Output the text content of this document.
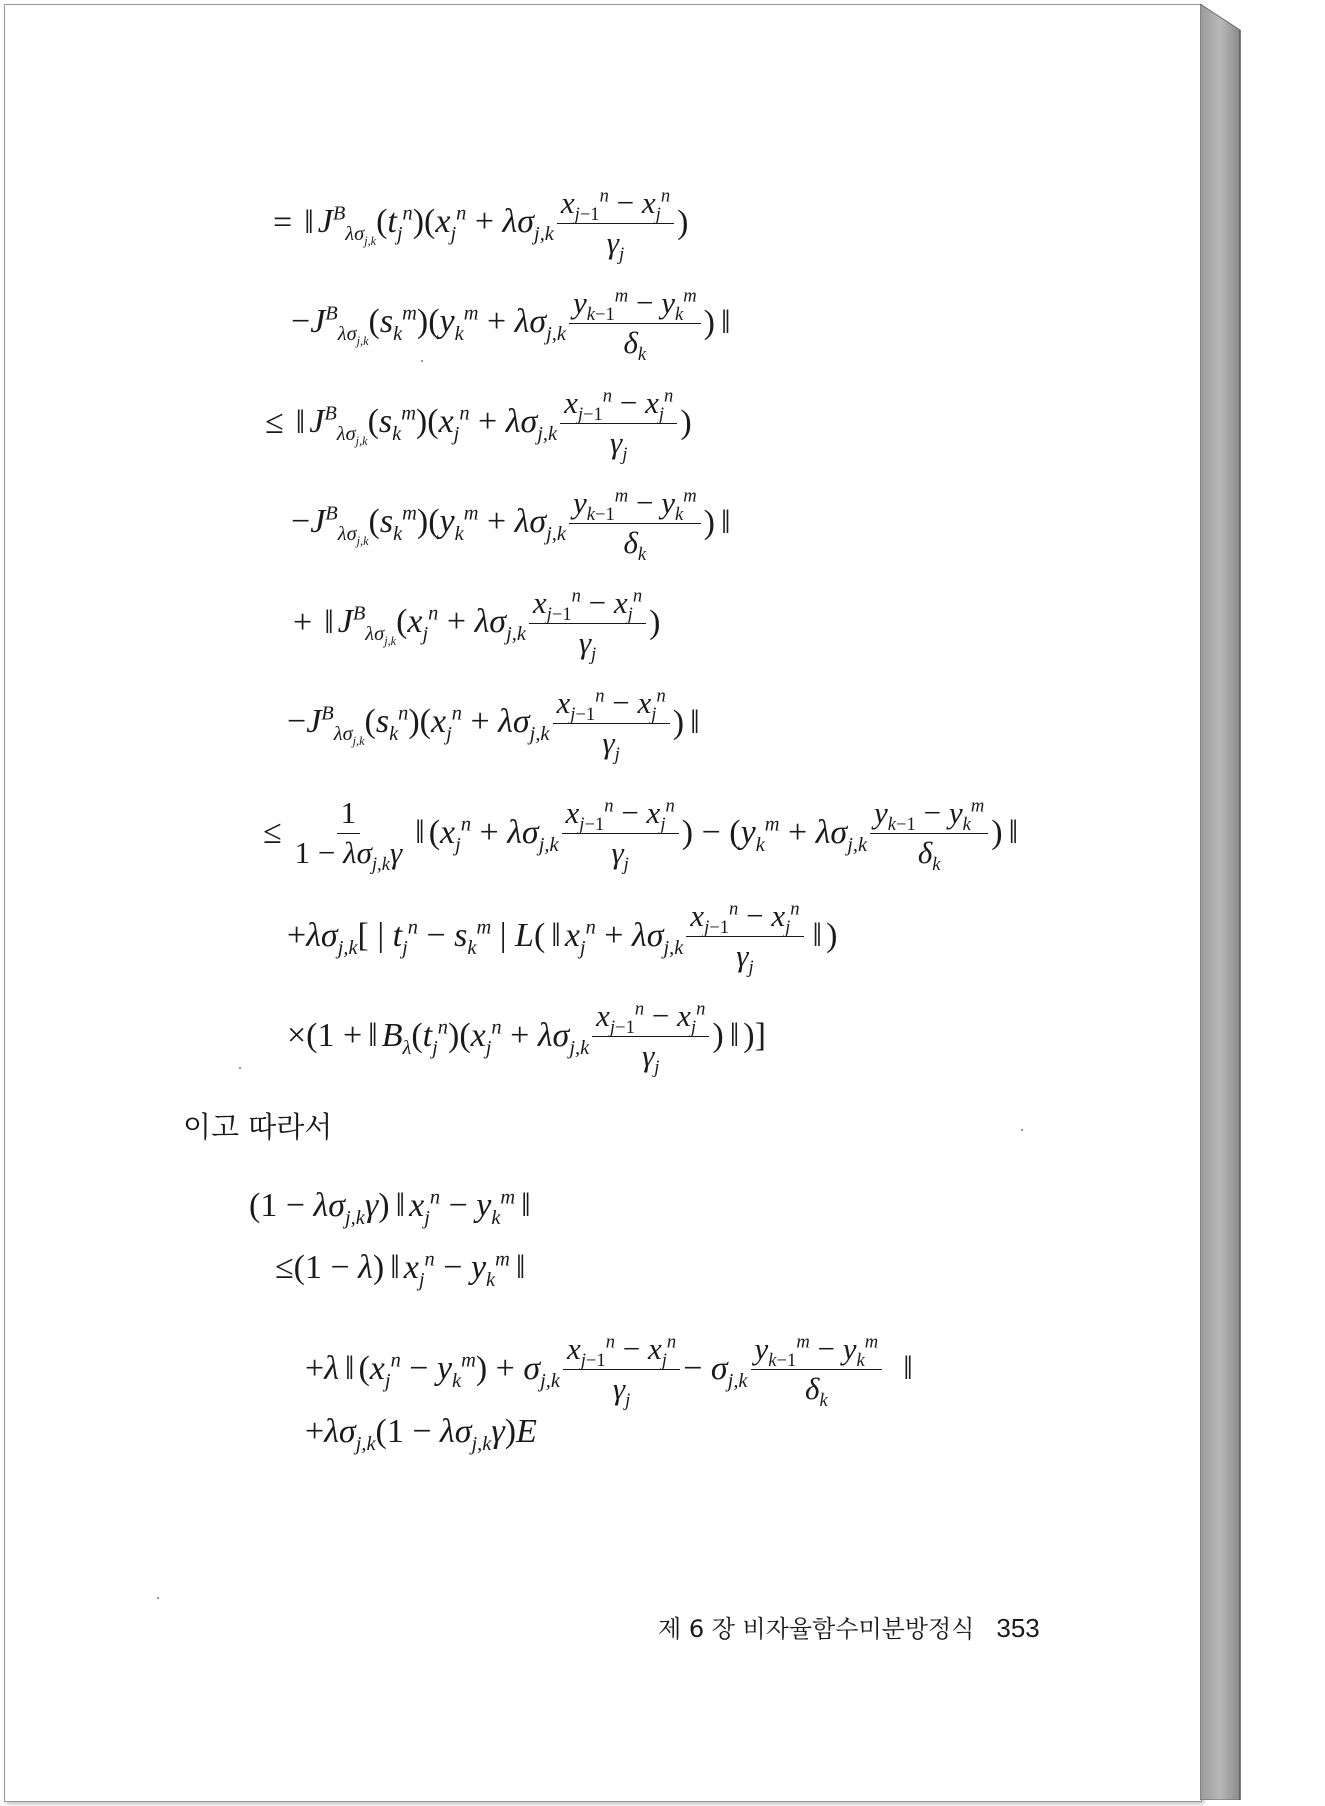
= ‖ $J^B_{\lambda\sigma_{j,k}}(t_j^n)(x_j^n + \lambda\sigma_{j,k} \frac{x_{j-1}^n - x_j^n}{\gamma_j}$ )
$-J^B_{\lambda\sigma_{j,k}}(s_k^m)(y_k^m + \lambda\sigma_{j,k} \frac{y_{k-1}^m - y_k^m}{\delta_k}$ ) ‖
≤ ‖ $J^B_{\lambda\sigma_{j,k}}(s_k^m)(x_j^n + \lambda\sigma_{j,k} \frac{x_{j-1}^n - x_j^n}{\gamma_j}$ )
$-J^B_{\lambda\sigma_{j,k}}(s_k^m)(y_k^m + \lambda\sigma_{j,k} \frac{y_{k-1}^m - y_k^m}{\delta_k}$ ) ‖
+ ‖ $J^B_{\lambda\sigma_{j,k}}(x_j^n + \lambda\sigma_{j,k} \frac{x_{j-1}^n - x_j^n}{\gamma_j}$ )
$-J^B_{\lambda\sigma_{j,k}}(s_k^n)(x_j^n + \lambda\sigma_{j,k} \frac{x_{j-1}^n - x_j^n}{\gamma_j}$ ) ‖
≤ $\frac{1}{1 - \lambda\sigma_{j,k}\gamma}$ ‖ ($x_j^n + \lambda\sigma_{j,k} \frac{x_{j-1}^n - x_j^n}{\gamma_j}$ ) − ($y_k^m + \lambda\sigma_{j,k} \frac{y_{k-1} - y_k^m}{\delta_k}$ ) ‖
$+\lambda\sigma_{j,k}$[ | $t_j^n - s_k^m$ | L( ‖ $x_j^n + \lambda\sigma_{j,k} \frac{x_{j-1}^n - x_j^n}{\gamma_j}$ ‖ )
×(1 + ‖ $B_\lambda(t_j^n)(x_j^n + \lambda\sigma_{j,k} \frac{x_{j-1}^n - x_j^n}{\gamma_j}$ ) ‖ )]
이고 따라서
$(1 - \lambda\sigma_{j,k}\gamma)$ ‖ $x_j^n - y_k^m$ ‖
≤(1 − λ) ‖ $x_j^n - y_k^m$ ‖
+λ ‖ $(x_j^n - y_k^m) + \sigma_{j,k} \frac{x_{j-1}^n - x_j^n}{\gamma_j} - \sigma_{j,k} \frac{y_{k-1}^m - y_k^m}{\delta_k}$ ‖
$+\lambda\sigma_{j,k}(1 - \lambda\sigma_{j,k}\gamma)E$
제 6 장 비자율함수미분방정식 353
